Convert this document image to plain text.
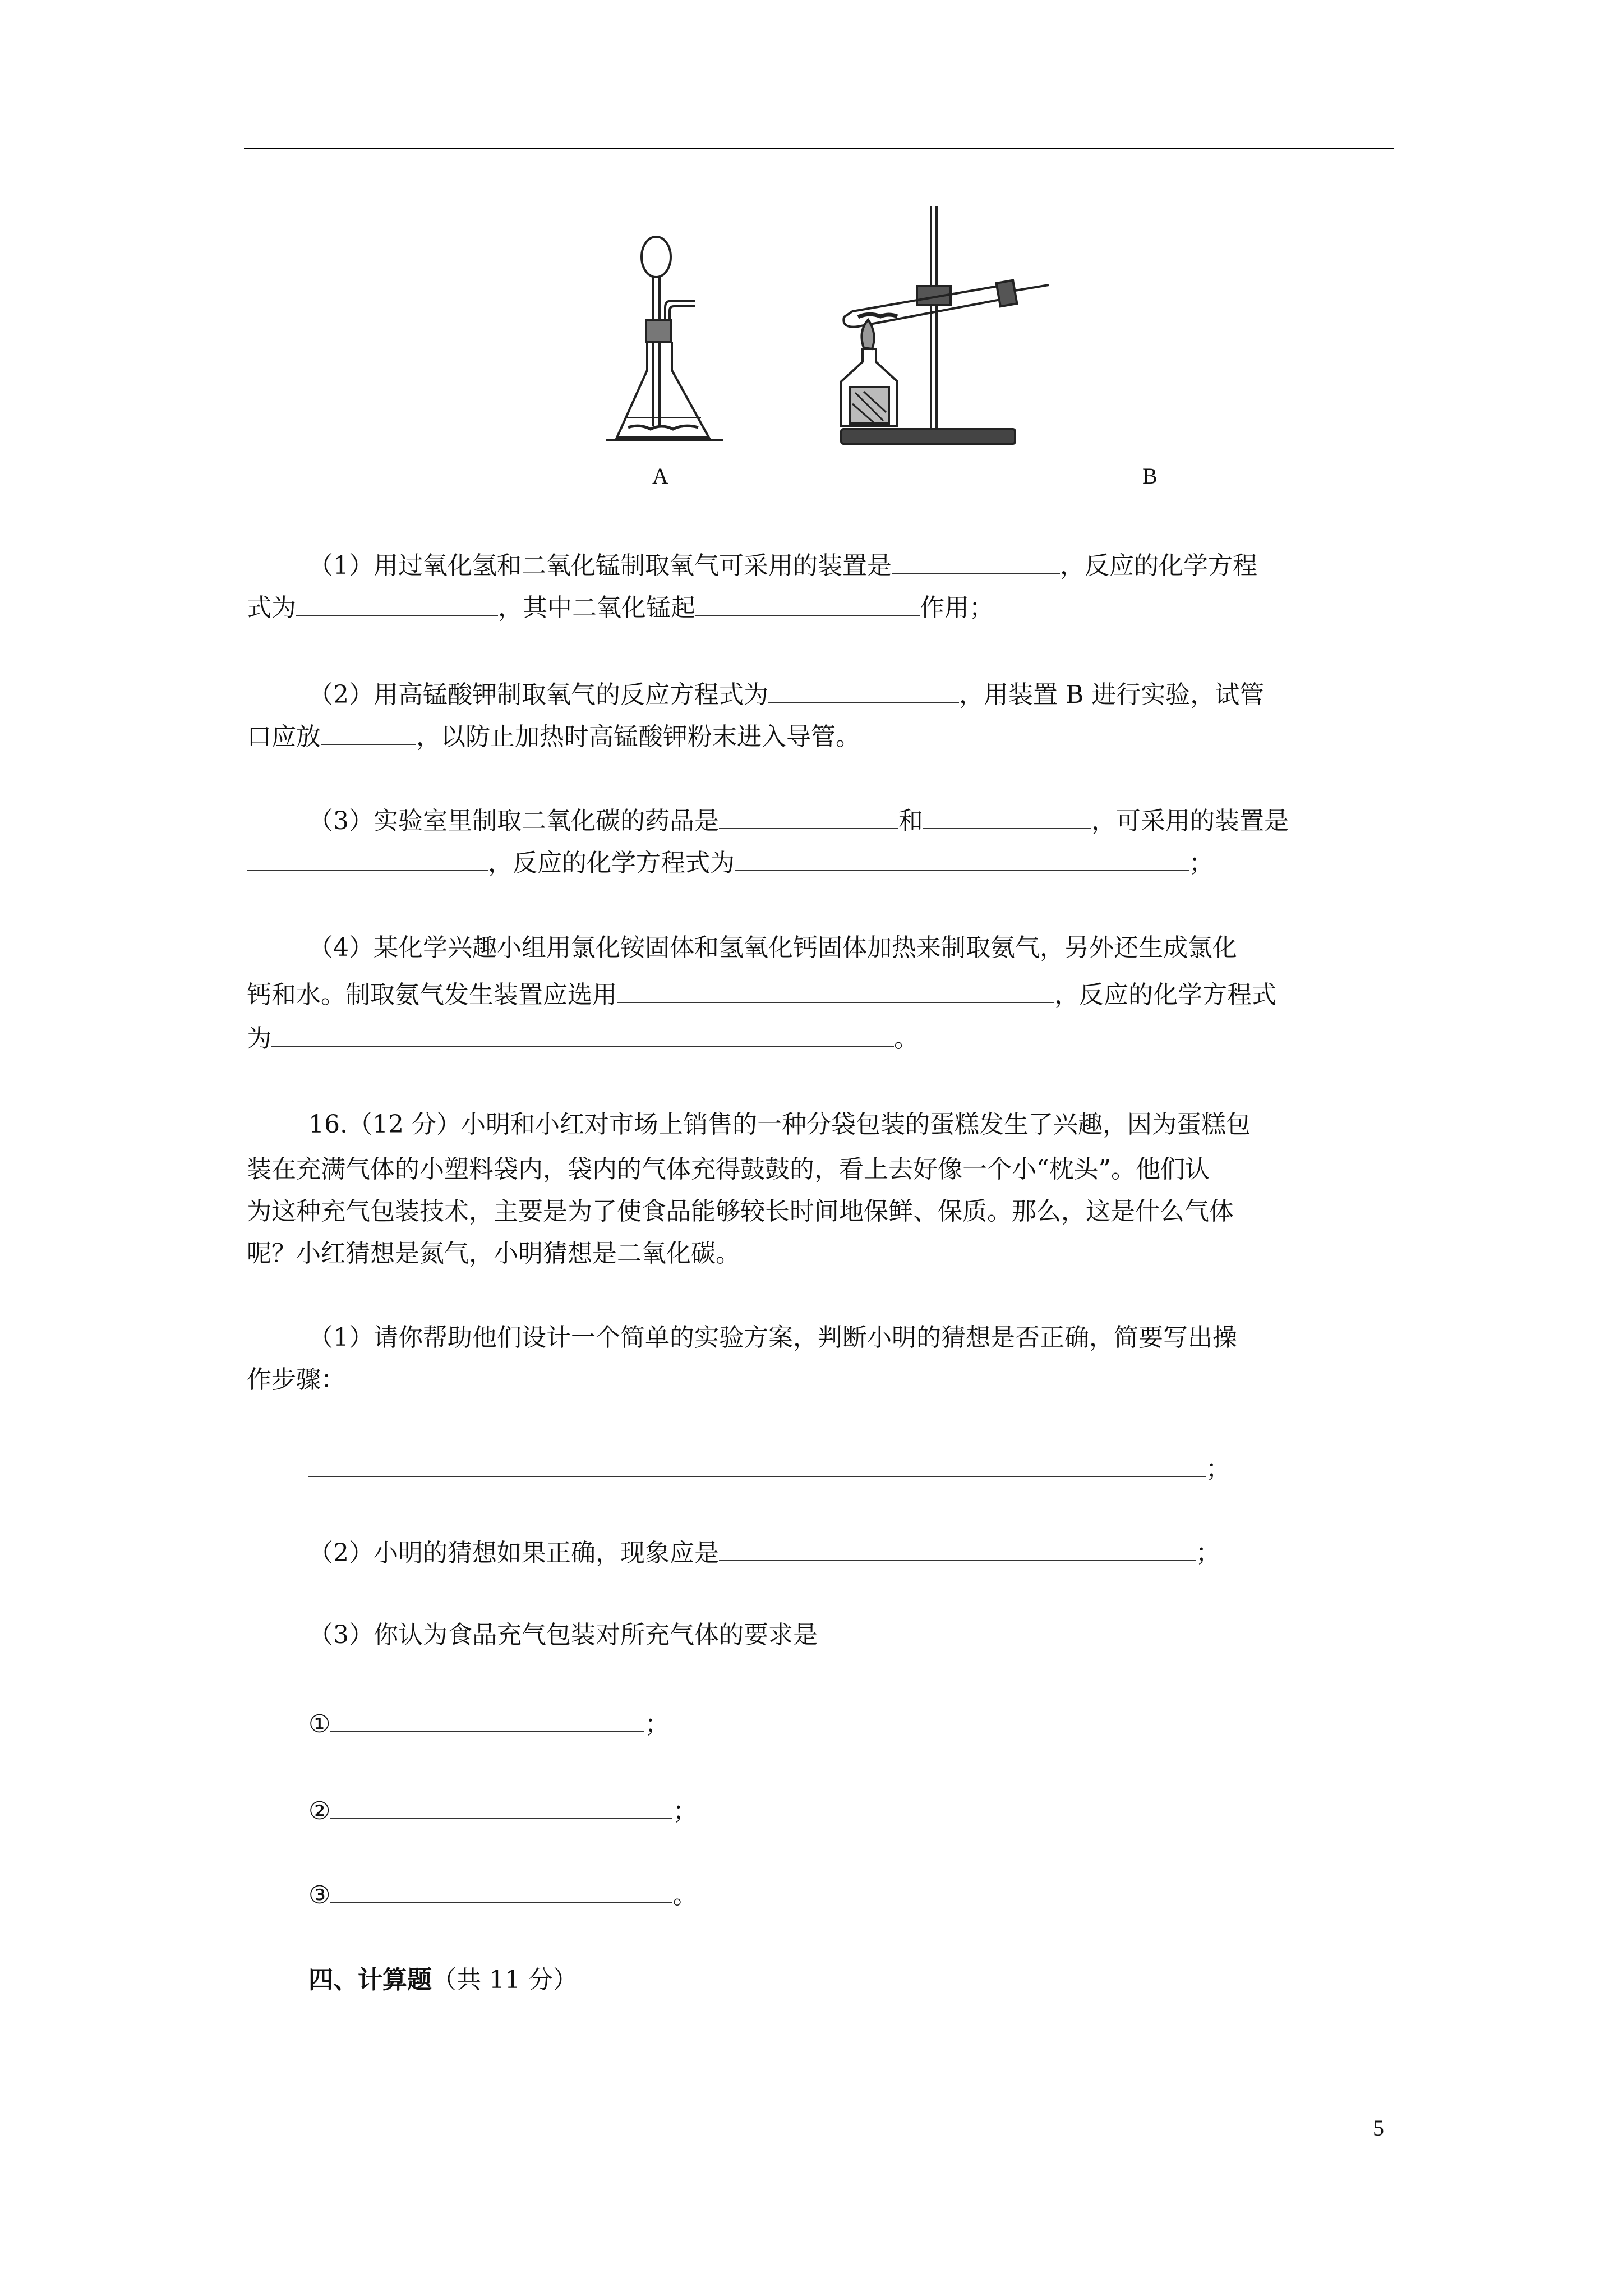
A	B
（1）用过氧化氢和二氧化锰制取氧气可采用的装置是	，反应的化学方程
式为	，其中二氧化锰起	作用；
（2）用高锰酸钾制取氧气的反应方程式为	，用装置 B 进行实验，试管
口应放	，以防止加热时高锰酸钾粉末进入导管。
（3）实验室里制取二氧化碳的药品是	和	，可采用的装置是
，反应的化学方程式为	；
（4）某化学兴趣小组用氯化铵固体和氢氧化钙固体加热来制取氨气，另外还生成氯化
钙和水。制取氨气发生装置应选用	，反应的化学方程式
为	。
16.（12 分）小明和小红对市场上销售的一种分袋包装的蛋糕发生了兴趣，因为蛋糕包
装在充满气体的小塑料袋内，袋内的气体充得鼓鼓的，看上去好像一个小“枕头”。他们认
为这种充气包装技术，主要是为了使食品能够较长时间地保鲜、保质。那么，这是什么气体
呢？小红猜想是氮气，小明猜想是二氧化碳。
（1）请你帮助他们设计一个简单的实验方案，判断小明的猜想是否正确，简要写出操
作步骤：
；
（2）小明的猜想如果正确，现象应是	；
（3）你认为食品充气包装对所充气体的要求是
①	；
②	；
③	。
四、计算题（共 11 分）
5
